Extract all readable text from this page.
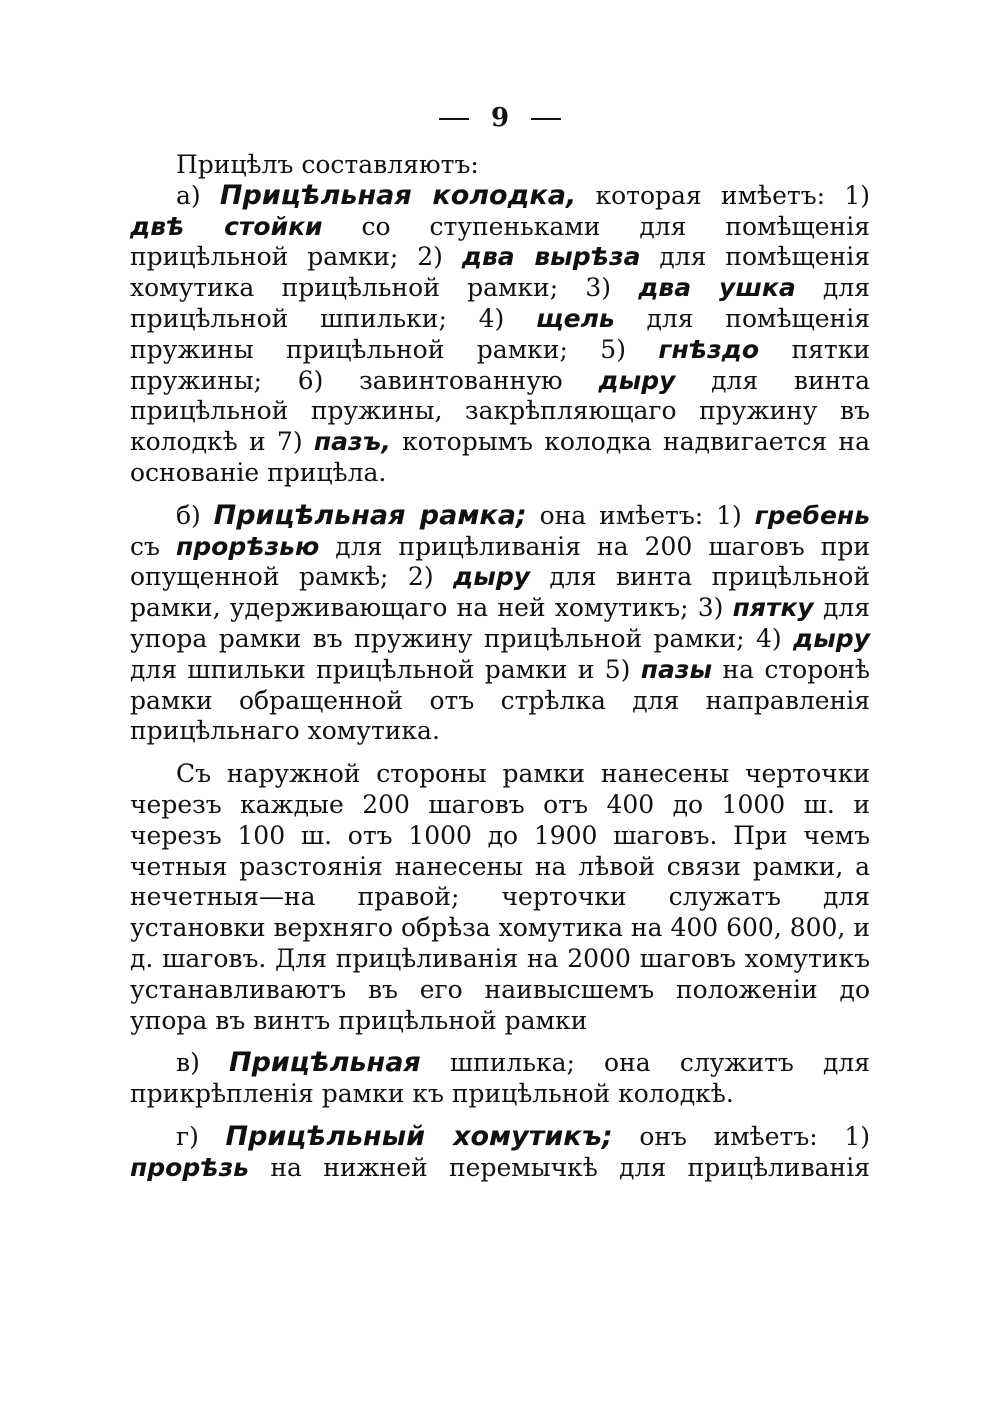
9

Прицѣлъ составляютъ:

а) Прицѣльная колодка, которая имѣетъ: 1) двѣ стойки со ступеньками для помѣщенія прицѣльной рамки; 2) два вырѣза для помѣщенія хомутика прицѣльной рамки; 3) два ушка для прицѣльной шпильки; 4) щель для помѣщенія пружины прицѣльной рамки; 5) гнѣздо пятки пружины; 6) завинтованную дыру для винта прицѣльной пружины, закрѣпляющаго пружину въ колодкѣ и 7) пазъ, которымъ колодка надвигается на основаніе прицѣла.

б) Прицѣльная рамка; она имѣетъ: 1) гребень съ прорѣзью для прицѣливанія на 200 шаговъ при опущенной рамкѣ; 2) дыру для винта прицѣльной рамки, удерживающаго на ней хомутикъ; 3) пятку для упора рамки въ пружину прицѣльной рамки; 4) дыру для шпильки прицѣльной рамки и 5) пазы на сторонѣ рамки обращенной отъ стрѣлка для направленія прицѣльнаго хомутика.

Съ наружной стороны рамки нанесены черточки черезъ каждые 200 шаговъ отъ 400 до 1000 ш. и черезъ 100 ш. отъ 1000 до 1900 шаговъ. При чемъ четныя разстоянія нанесены на лѣвой связи рамки, а нечетныя—на правой; черточки служатъ для установки верхняго обрѣза хомутика на 400 600, 800, и д. шаговъ. Для прицѣливанія на 2000 шаговъ хомутикъ устанавливаютъ въ его наивысшемъ положеніи до упора въ винтъ прицѣльной рамки

в) Прицѣльная шпилька; она служитъ для прикрѣпленія рамки къ прицѣльной колодкѣ.

г) Прицѣльный хомутикъ; онъ имѣетъ: 1) прорѣзь на нижней перемычкѣ для прицѣливанія
